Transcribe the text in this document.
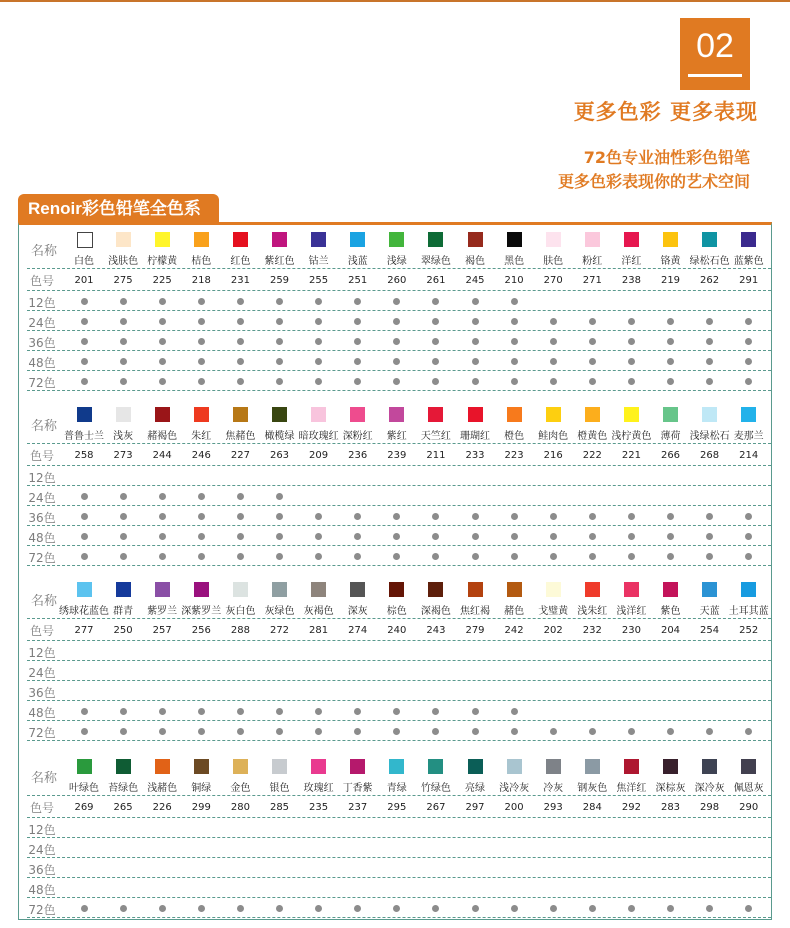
02
更多色彩 更多表现
72色专业油性彩色铅笔
更多色彩表现你的艺术空间
Renoir彩色铅笔全色系
名称
色号
12色
24色
36色
48色
72色
白色
201
浅肤色
275
柠檬黄
225
桔色
218
红色
231
紫红色
259
钴兰
255
浅蓝
251
浅绿
260
翠绿色
261
褐色
245
黑色
210
肤色
270
粉红
271
洋红
238
铬黄
219
绿松石色
262
蓝紫色
291
名称
色号
12色
24色
36色
48色
72色
普鲁士兰
258
浅灰
273
赭褐色
244
朱红
246
焦赭色
227
橄榄绿
263
暗玫瑰红
209
深粉红
236
紫红
239
天竺红
211
珊瑚红
233
橙色
223
鲑肉色
216
橙黄色
222
浅柠黄色
221
薄荷
266
浅绿松石
268
麦那兰
214
名称
色号
12色
24色
36色
48色
72色
绣球花蓝色
277
群青
250
紫罗兰
257
深紫罗兰
256
灰白色
288
灰绿色
272
灰褐色
281
深灰
274
棕色
240
深褐色
243
焦红褐
279
赭色
242
戈璧黄
202
浅朱红
232
浅洋红
230
紫色
204
天蓝
254
土耳其蓝
252
名称
色号
12色
24色
36色
48色
72色
叶绿色
269
苔绿色
265
浅赭色
226
铜绿
299
金色
280
银色
285
玫瑰红
235
丁香紫
237
青绿
295
竹绿色
267
亮绿
297
浅冷灰
200
冷灰
293
钢灰色
284
焦洋红
292
深棕灰
283
深冷灰
298
佩恩灰
290
